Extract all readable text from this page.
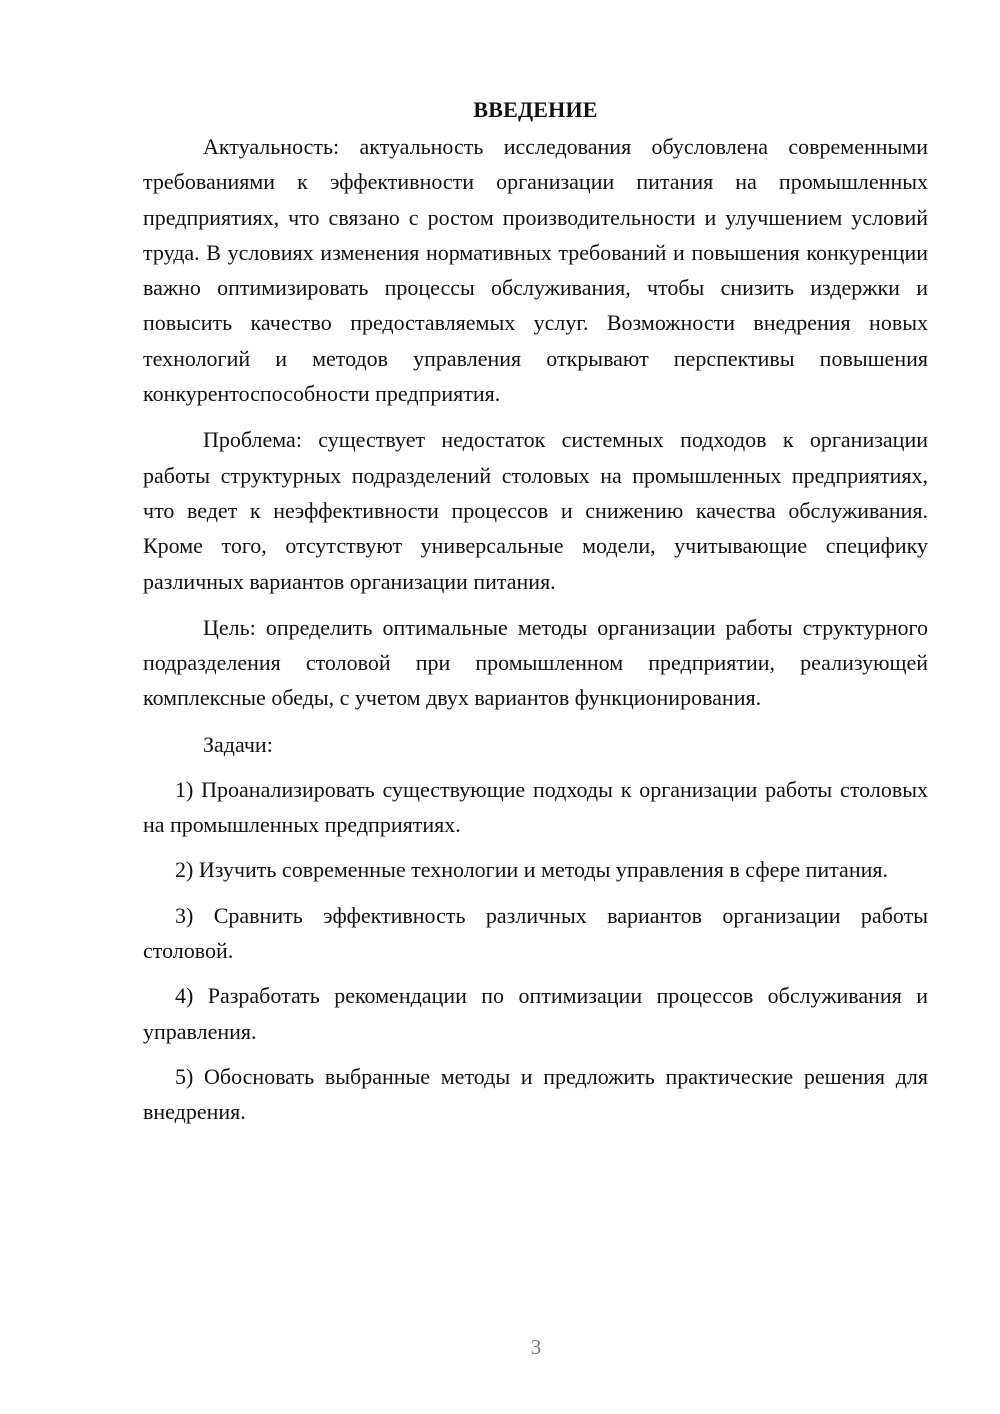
ВВЕДЕНИЕ

Актуальность: актуальность исследования обусловлена современными требованиями к эффективности организации питания на промышленных предприятиях, что связано с ростом производительности и улучшением условий труда. В условиях изменения нормативных требований и повышения конкуренции важно оптимизировать процессы обслуживания, чтобы снизить издержки и повысить качество предоставляемых услуг. Возможности внедрения новых технологий и методов управления открывают перспективы повышения конкурентоспособности предприятия.

Проблема: существует недостаток системных подходов к организации работы структурных подразделений столовых на промышленных предприятиях, что ведет к неэффективности процессов и снижению качества обслуживания. Кроме того, отсутствуют универсальные модели, учитывающие специфику различных вариантов организации питания.

Цель: определить оптимальные методы организации работы структурного подразделения столовой при промышленном предприятии, реализующей комплексные обеды, с учетом двух вариантов функционирования.

Задачи:

1) Проанализировать существующие подходы к организации работы столовых на промышленных предприятиях.

2) Изучить современные технологии и методы управления в сфере питания.

3) Сравнить эффективность различных вариантов организации работы столовой.

4) Разработать рекомендации по оптимизации процессов обслуживания и управления.

5) Обосновать выбранные методы и предложить практические решения для внедрения.

3
